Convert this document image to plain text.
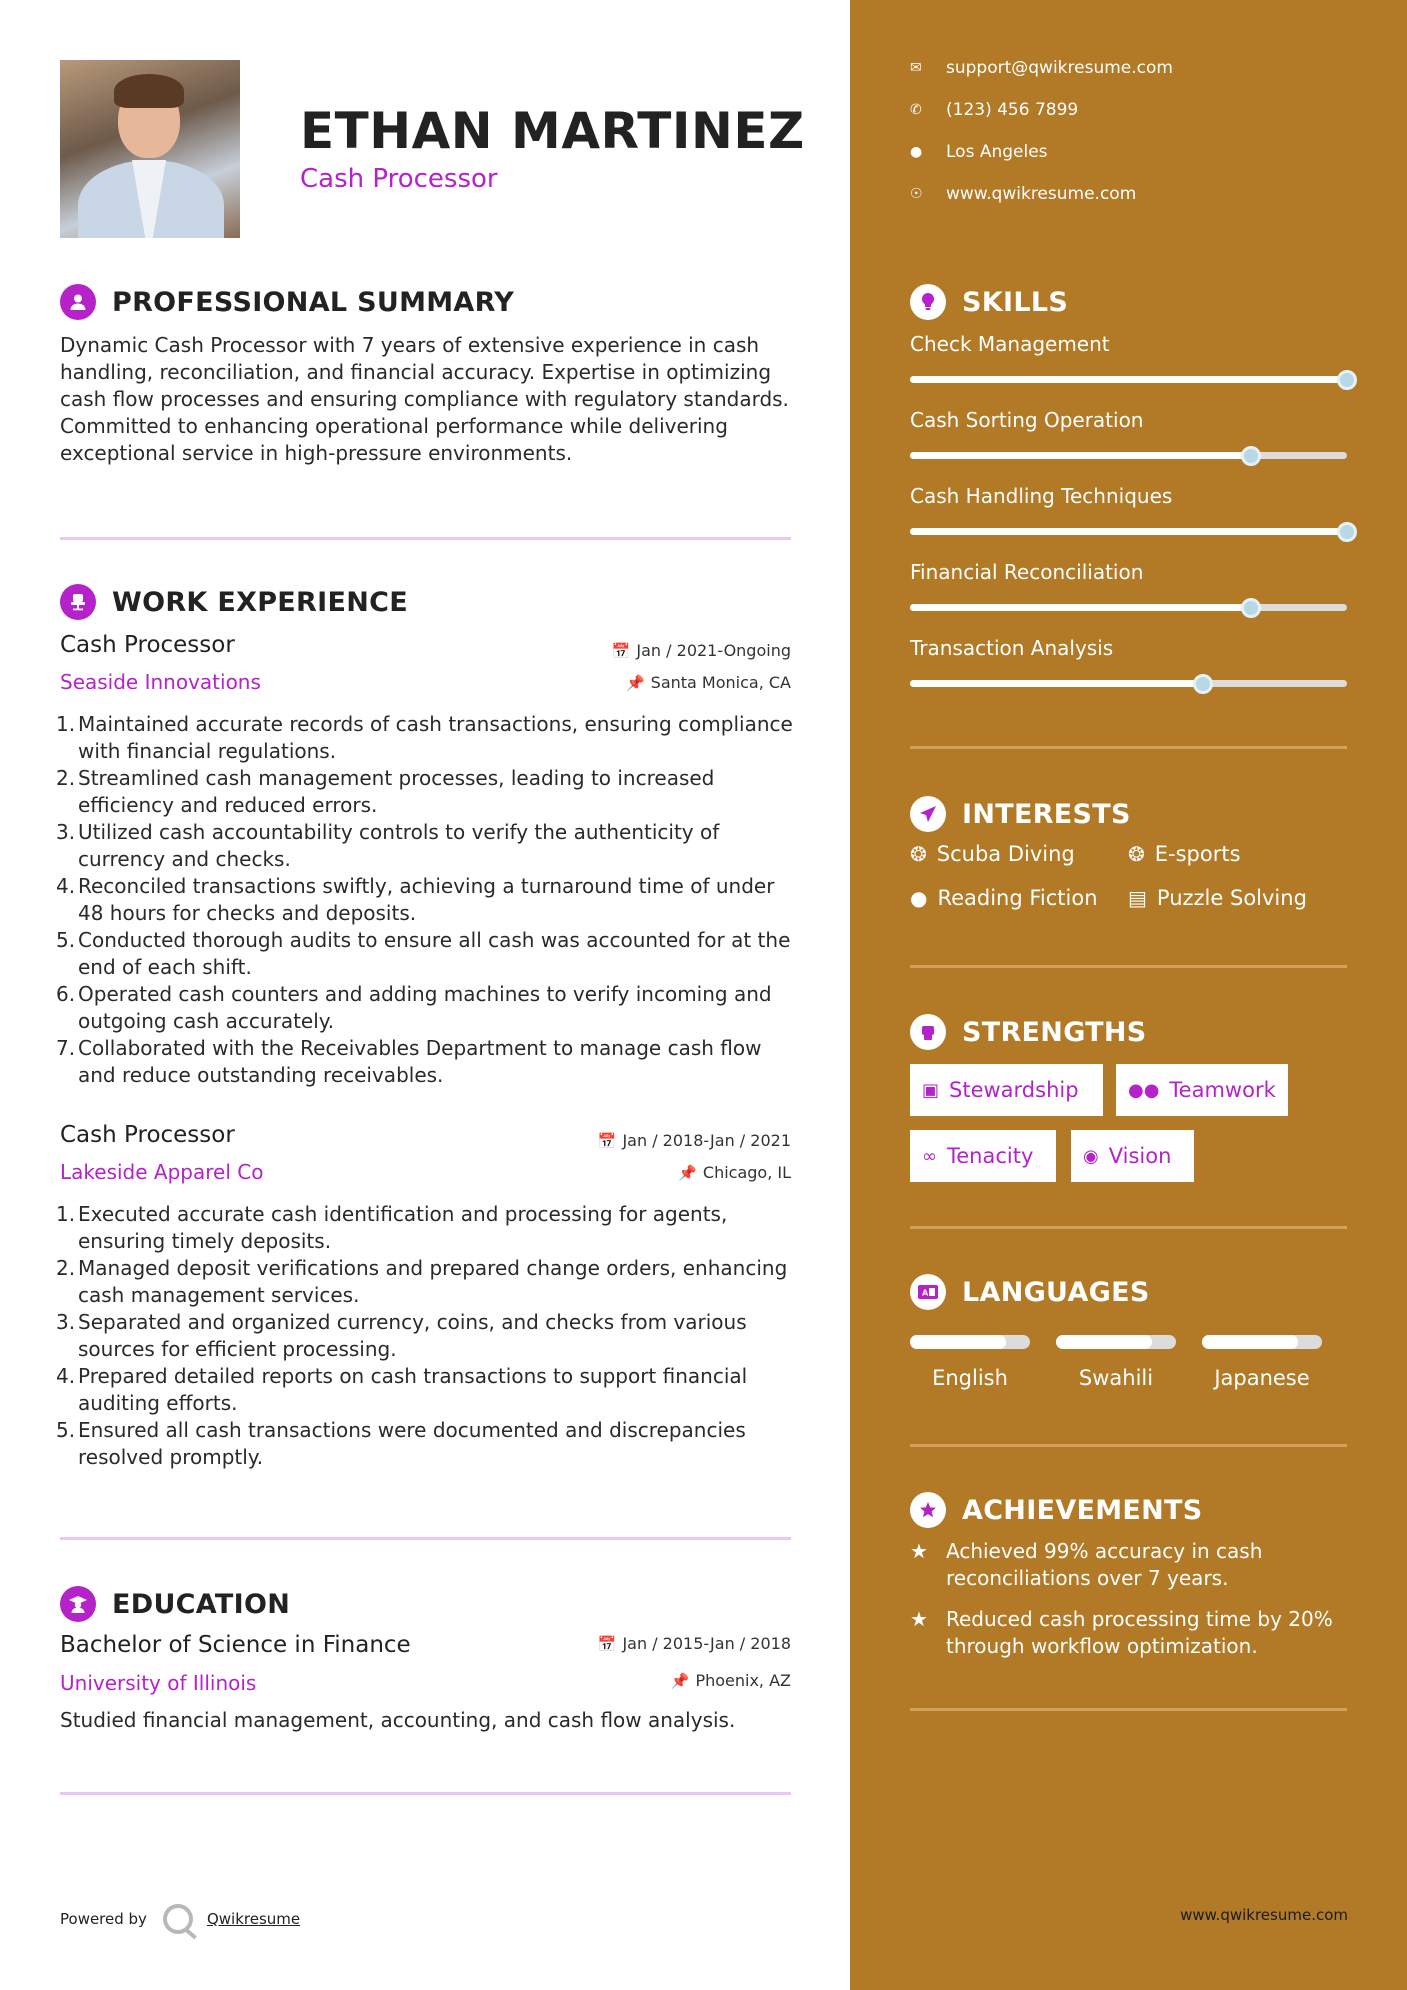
ETHAN MARTINEZ
Cash Processor
PROFESSIONAL SUMMARY
Dynamic Cash Processor with 7 years of extensive experience in cash handling, reconciliation, and financial accuracy. Expertise in optimizing cash flow processes and ensuring compliance with regulatory standards. Committed to enhancing operational performance while delivering exceptional service in high-pressure environments.
WORK EXPERIENCE
Cash Processor
Seaside Innovations
📅 Jan / 2021-Ongoing
📌 Santa Monica, CA
1. Maintained accurate records of cash transactions, ensuring compliance with financial regulations.
2. Streamlined cash management processes, leading to increased efficiency and reduced errors.
3. Utilized cash accountability controls to verify the authenticity of currency and checks.
4. Reconciled transactions swiftly, achieving a turnaround time of under 48 hours for checks and deposits.
5. Conducted thorough audits to ensure all cash was accounted for at the end of each shift.
6. Operated cash counters and adding machines to verify incoming and outgoing cash accurately.
7. Collaborated with the Receivables Department to manage cash flow and reduce outstanding receivables.
Cash Processor
Lakeside Apparel Co
📅 Jan / 2018-Jan / 2021
📌 Chicago, IL
1. Executed accurate cash identification and processing for agents, ensuring timely deposits.
2. Managed deposit verifications and prepared change orders, enhancing cash management services.
3. Separated and organized currency, coins, and checks from various sources for efficient processing.
4. Prepared detailed reports on cash transactions to support financial auditing efforts.
5. Ensured all cash transactions were documented and discrepancies resolved promptly.
EDUCATION
Bachelor of Science in Finance
University of Illinois
📅 Jan / 2015-Jan / 2018
📌 Phoenix, AZ
Studied financial management, accounting, and cash flow analysis.
Powered by	Qwikresume
✉	support@qwikresume.com
✆	(123) 456 7899
●	Los Angeles
☉	www.qwikresume.com
SKILLS
Check Management
Cash Sorting Operation
Cash Handling Techniques
Financial Reconciliation
Transaction Analysis
INTERESTS
❂ Scuba Diving	❂ E-sports
● Reading Fiction ▤ Puzzle Solving
STRENGTHS
▣ Stewardship	●● Teamwork
∞ Tenacity	◉ Vision
A LANGUAGES
English	Swahili	Japanese
ACHIEVEMENTS
★ Achieved 99% accuracy in cash reconciliations over 7 years.
★ Reduced cash processing time by 20% through workflow optimization.
www.qwikresume.com
